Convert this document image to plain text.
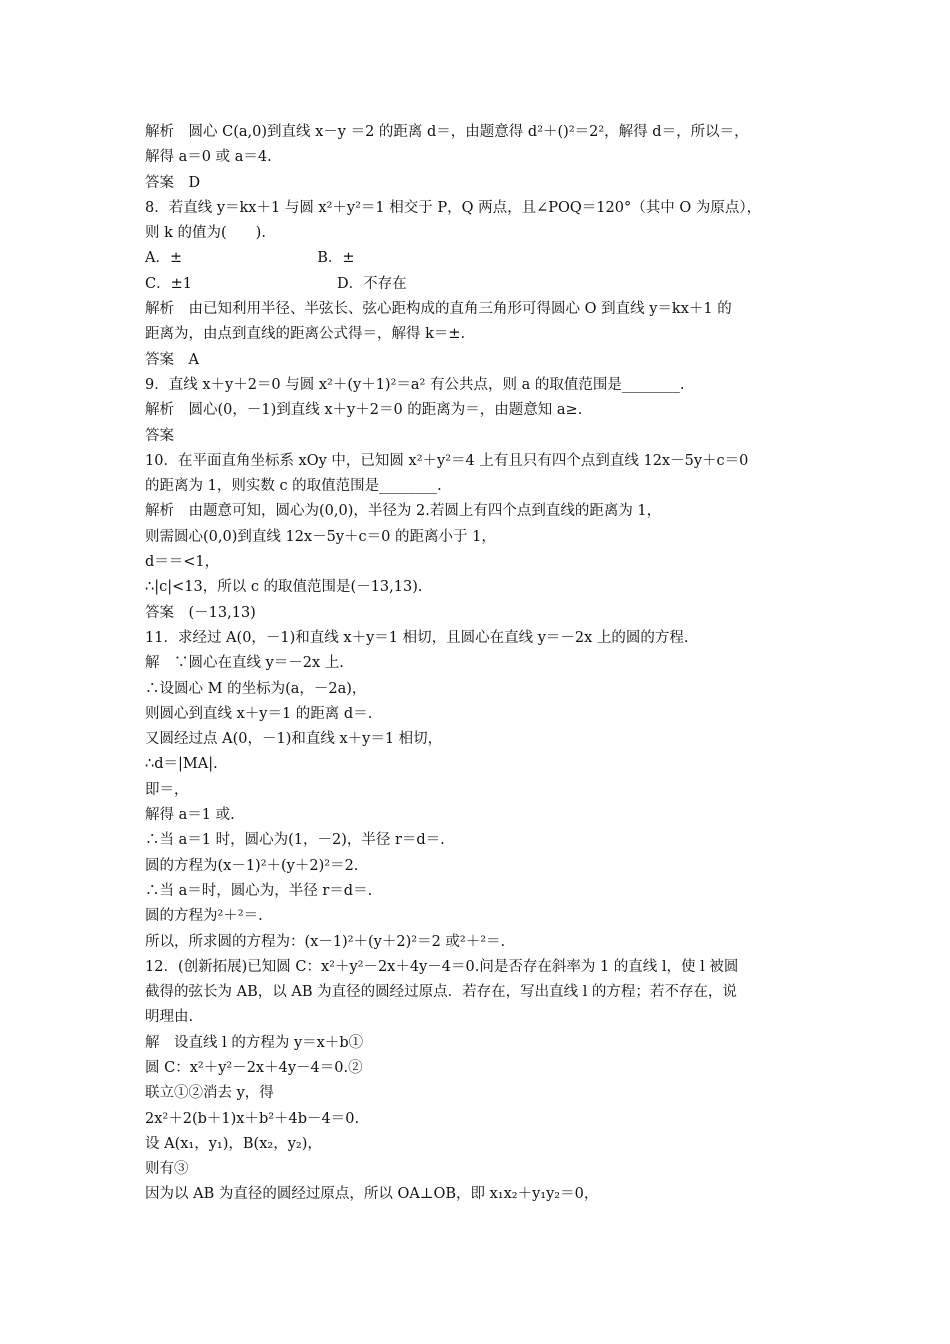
解析　圆心 C(a,0)到直线 x－y ＝2 的距离 d＝，由题意得 d²＋()²＝2²，解得 d＝，所以＝，
解得 a＝0 或 a＝4.
答案　D
8．若直线 y＝kx＋1 与圆 x²＋y²＝1 相交于 P，Q 两点，且∠POQ＝120°（其中 O 为原点），
则 k 的值为(　　).
A．±　　　　　　　　　 B．±
C．±1　　　　　　　　　　D．不存在
解析　由已知利用半径、半弦长、弦心距构成的直角三角形可得圆心 O 到直线 y＝kx＋1 的
距离为，由点到直线的距离公式得＝，解得 k＝±.
答案　A
9．直线 x＋y＋2＝0 与圆 x²＋(y＋1)²＝a² 有公共点，则 a 的取值范围是________.
解析　圆心(0，－1)到直线 x＋y＋2＝0 的距离为＝，由题意知 a≥.
答案
10．在平面直角坐标系 xOy 中，已知圆 x²＋y²＝4 上有且只有四个点到直线 12x－5y＋c＝0
的距离为 1，则实数 c 的取值范围是________.
解析　由题意可知，圆心为(0,0)，半径为 2.若圆上有四个点到直线的距离为 1，
则需圆心(0,0)到直线 12x－5y＋c＝0 的距离小于 1，
d＝＝<1，
∴|c|<13，所以 c 的取值范围是(－13,13).
答案　(－13,13)
11．求经过 A(0，－1)和直线 x＋y＝1 相切，且圆心在直线 y＝－2x 上的圆的方程.
解　∵圆心在直线 y＝－2x 上.
∴设圆心 M 的坐标为(a，－2a)，
则圆心到直线 x＋y＝1 的距离 d＝.
又圆经过点 A(0，－1)和直线 x＋y＝1 相切，
∴d＝|MA|.
即＝，
解得 a＝1 或.
∴当 a＝1 时，圆心为(1，－2)，半径 r＝d＝.
圆的方程为(x－1)²＋(y＋2)²＝2.
∴当 a＝时，圆心为，半径 r＝d＝.
圆的方程为²＋²＝.
所以，所求圆的方程为：(x－1)²＋(y＋2)²＝2 或²＋²＝.
12．(创新拓展)已知圆 C：x²＋y²－2x＋4y－4＝0.问是否存在斜率为 1 的直线 l，使 l 被圆
截得的弦长为 AB，以 AB 为直径的圆经过原点．若存在，写出直线 l 的方程；若不存在，说
明理由.
解　设直线 l 的方程为 y＝x＋b①
圆 C：x²＋y²－2x＋4y－4＝0.②
联立①②消去 y，得
2x²＋2(b＋1)x＋b²＋4b－4＝0.
设 A(x₁，y₁)，B(x₂，y₂)，
则有③
因为以 AB 为直径的圆经过原点，所以 OA⊥OB，即 x₁x₂＋y₁y₂＝0，
